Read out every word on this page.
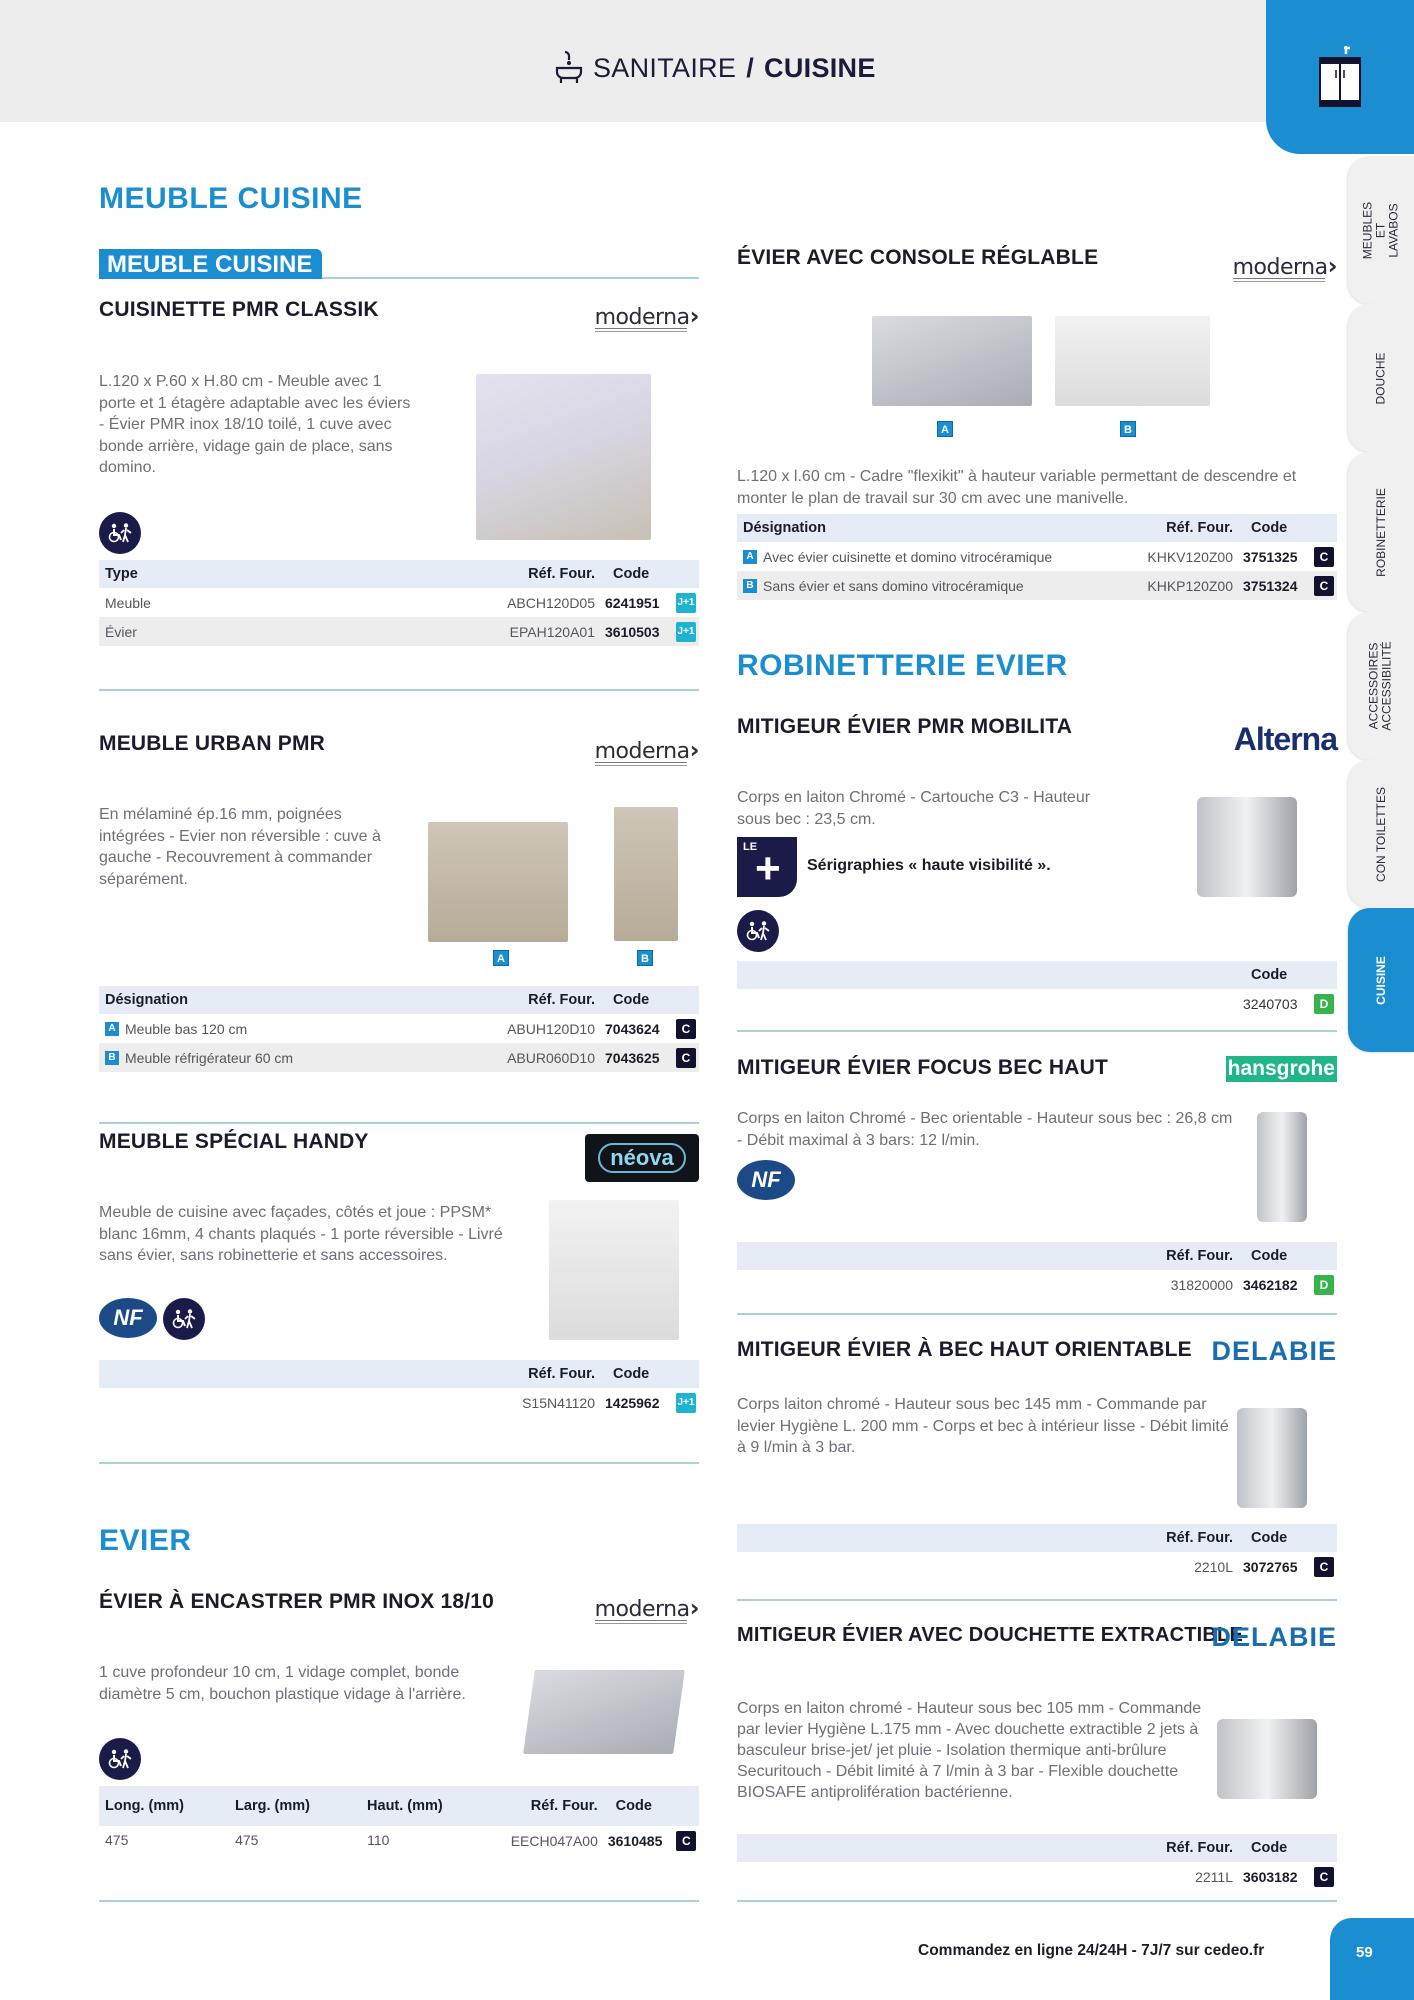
SANITAIRE / CUISINE
MEUBLES ET LAVABOS
DOUCHE
ROBINETTERIE
ACCESSOIRES ACCESSIBILITÉ
CON TOILETTES
CUISINE
MEUBLE CUISINE
MEUBLE CUISINE
CUISINETTE PMR CLASSIK	moderna›
L.120 x P.60 x H.80 cm - Meuble avec 1 porte et 1 étagère adaptable avec les éviers - Évier PMR inox 18/10 toilé, 1 cuve avec bonde arrière, vidage gain de place, sans domino.
Type	Réf. Four.	Code
Meuble	ABCH120D05 6241951	J+1
Évier	EPAH120A01 3610503	J+1
MEUBLE URBAN PMR	moderna›
En mélaminé ép.16 mm, poignées intégrées - Evier non réversible : cuve à gauche - Recouvrement à commander séparément.
A	B
Désignation	Réf. Four.	Code
A Meuble bas 120 cm	ABUH120D10 7043624	C
B Meuble réfrigérateur 60 cm	ABUR060D10 7043625	C
MEUBLE SPÉCIAL HANDY
néova
Meuble de cuisine avec façades, côtés et joue : PPSM* blanc 16mm, 4 chants plaqués - 1 porte réversible - Livré sans évier, sans robinetterie et sans accessoires.
NF
Réf. Four.	Code
S15N41120 1425962	J+1
EVIER
ÉVIER À ENCASTRER PMR INOX 18/10	moderna›
1 cuve profondeur 10 cm, 1 vidage complet, bonde diamètre 5 cm, bouchon plastique vidage à l'arrière.
Long. (mm)	Larg. (mm)	Haut. (mm)	Réf. Four.	Code
475	475	110	EECH047A00 3610485	C
ÉVIER AVEC CONSOLE RÉGLABLE	moderna›
A	B
L.120 x l.60 cm - Cadre "flexikit" à hauteur variable permettant de descendre et monter le plan de travail sur 30 cm avec une manivelle.
Désignation	Réf. Four.	Code
A Avec évier cuisinette et domino vitrocéramique	KHKV120Z00 3751325	C
B Sans évier et sans domino vitrocéramique	KHKP120Z00 3751324	C
ROBINETTERIE EVIER
MITIGEUR ÉVIER PMR MOBILITA	Alterna
Corps en laiton Chromé - Cartouche C3 - Hauteur sous bec : 23,5 cm.
LE
+ Sérigraphies « haute visibilité ».
Code
3240703	D
MITIGEUR ÉVIER FOCUS BEC HAUT	hansgrohe
Corps en laiton Chromé - Bec orientable - Hauteur sous bec : 26,8 cm - Débit maximal à 3 bars: 12 l/min.
NF
Réf. Four.	Code
31820000 3462182	D
MITIGEUR ÉVIER À BEC HAUT ORIENTABLE DELABIE
Corps laiton chromé - Hauteur sous bec 145 mm - Commande par levier Hygiène L. 200 mm - Corps et bec à intérieur lisse - Débit limité à 9 l/min à 3 bar.
Réf. Four.	Code
2210L 3072765	C
MITIGEUR ÉVIER AVEC DOUCHETTE EXTRACTIBLE
DELABIE
Corps en laiton chromé - Hauteur sous bec 105 mm - Commande par levier Hygiène L.175 mm - Avec douchette extractible 2 jets à basculeur brise-jet/ jet pluie - Isolation thermique anti-brûlure Securitouch - Débit limité à 7 l/min à 3 bar - Flexible douchette BIOSAFE antiprolifération bactérienne.
Réf. Four.	Code
2211L 3603182	C
Commandez en ligne 24/24H - 7J/7 sur cedeo.fr	59
